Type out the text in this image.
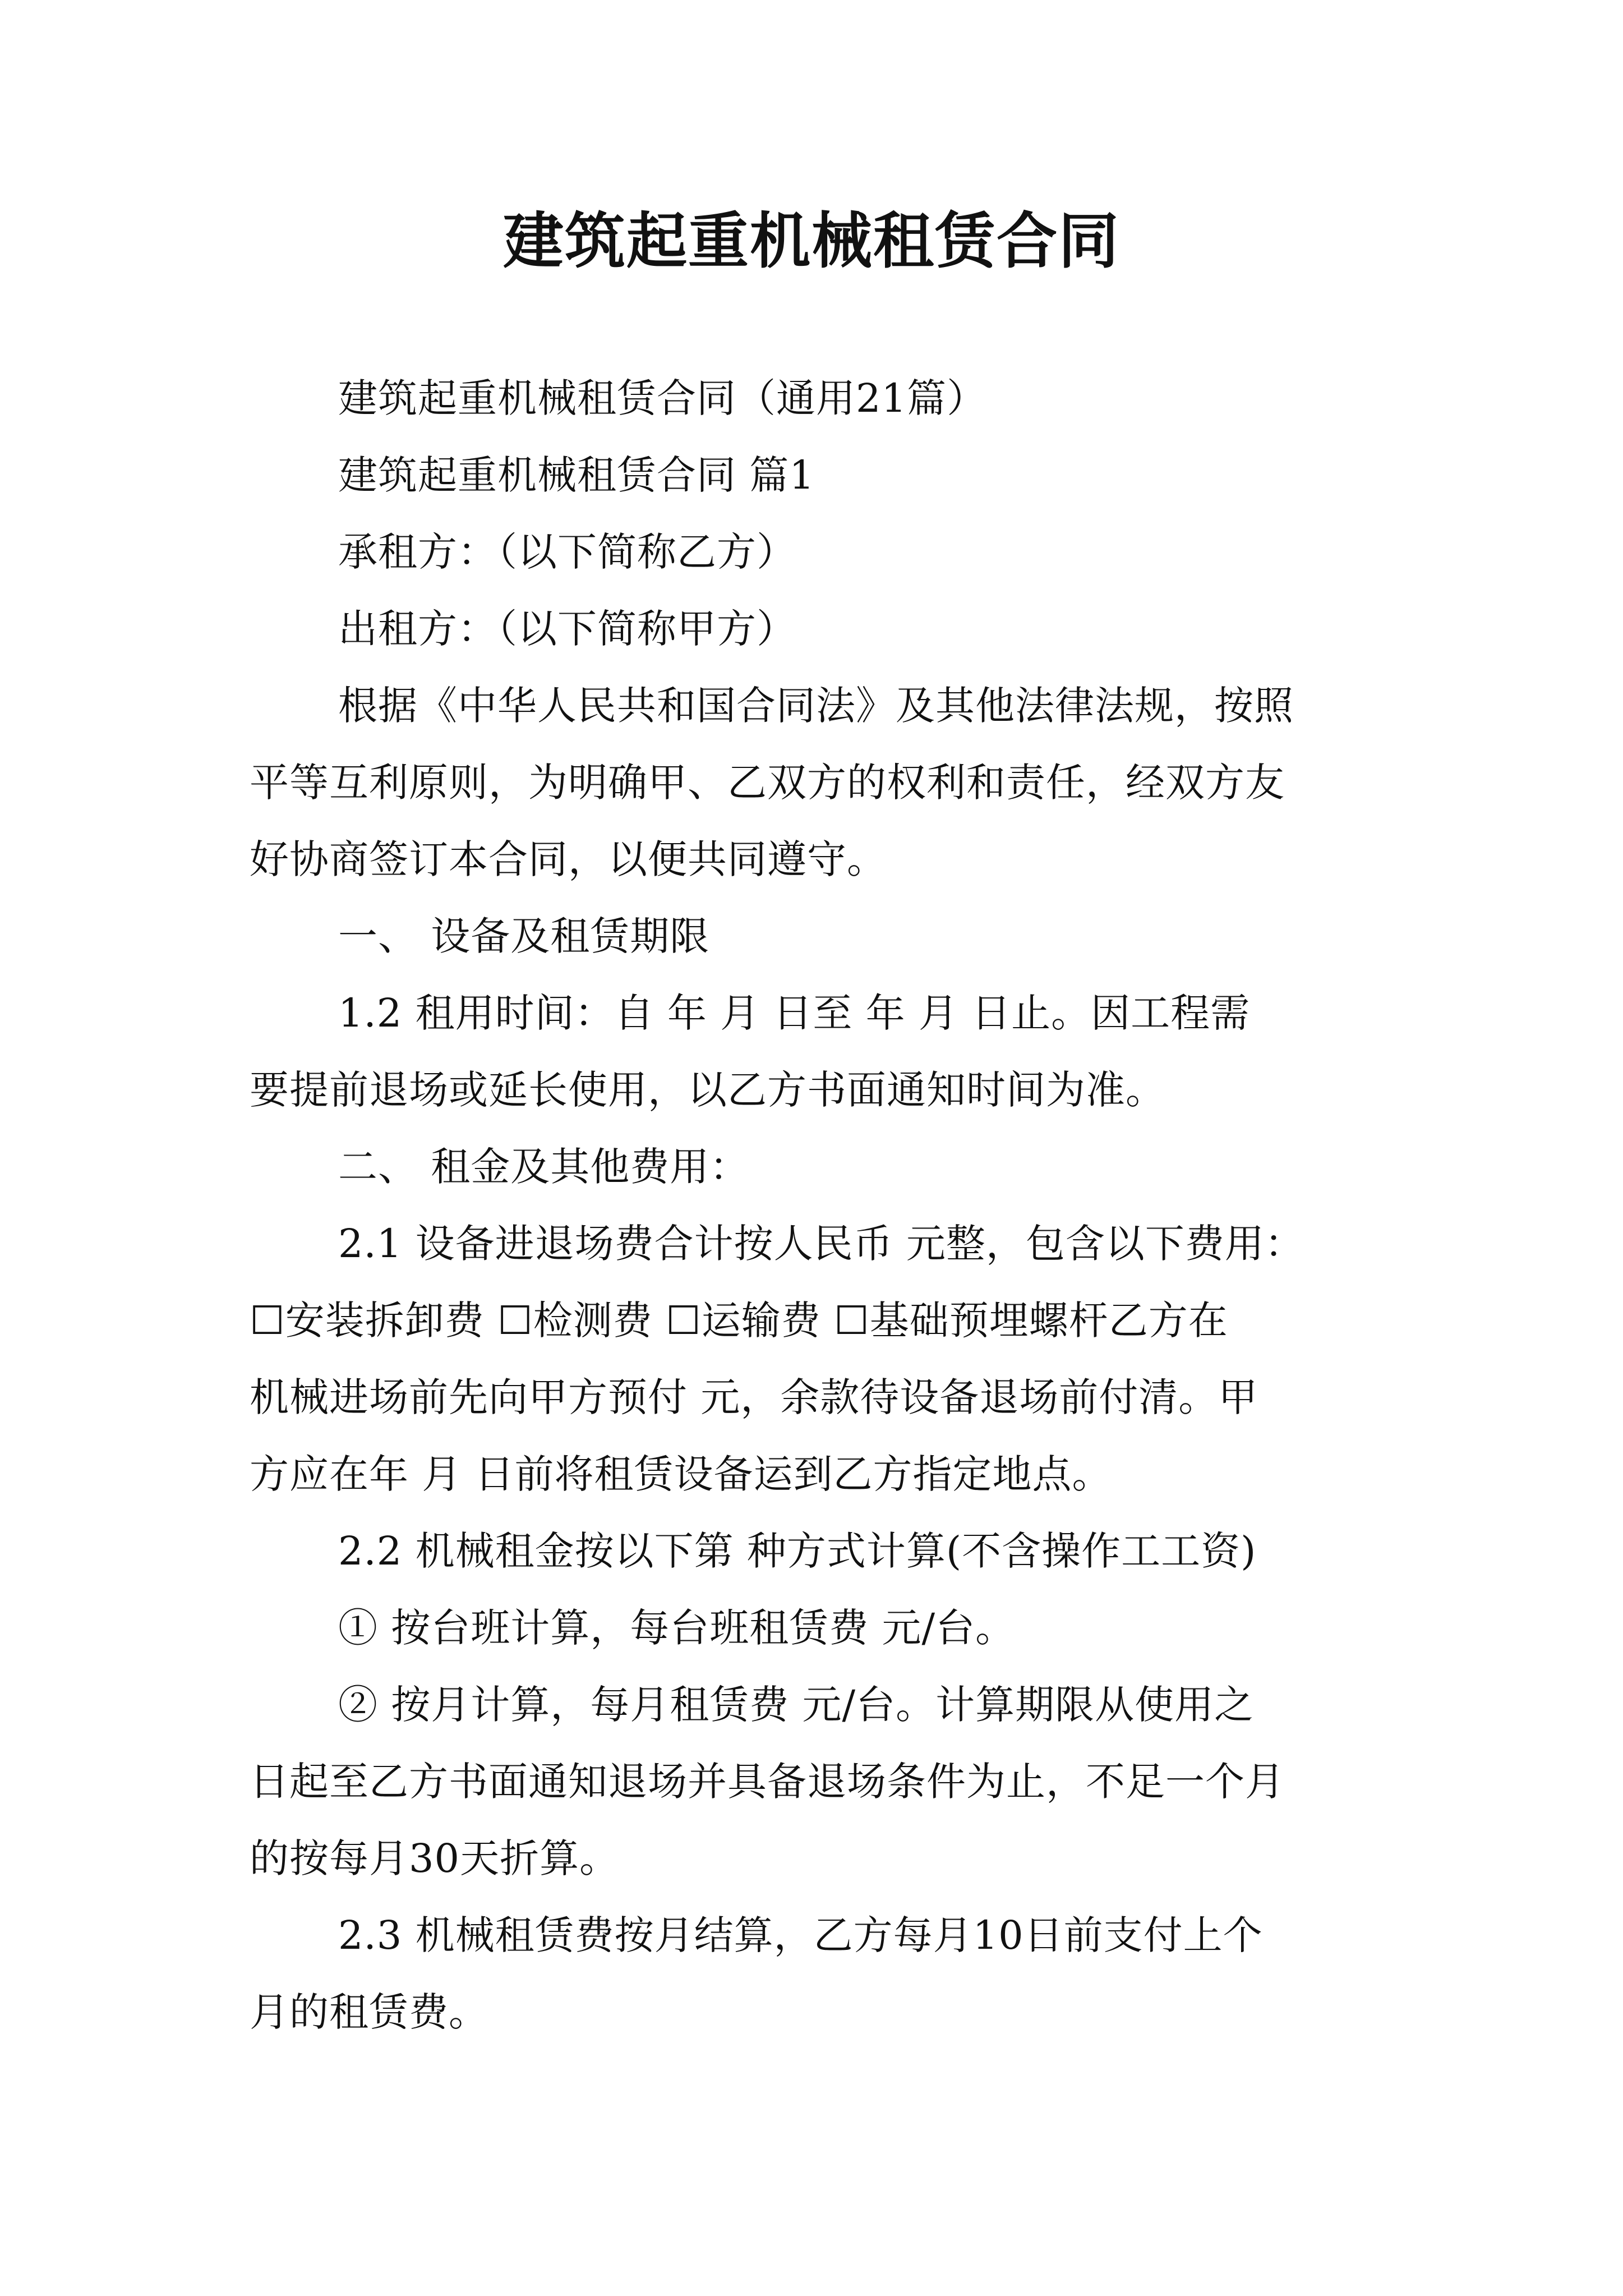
建筑起重机械租赁合同
建筑起重机械租赁合同（通用21篇）
建筑起重机械租赁合同 篇1
承租方：（以下简称乙方）
出租方：（以下简称甲方）
根据《中华人民共和国合同法》及其他法律法规，按照
平等互利原则，为明确甲、乙双方的权利和责任，经双方友
好协商签订本合同，以便共同遵守。
一、 设备及租赁期限
1.2 租用时间：自 年 月 日至 年 月 日止。因工程需
要提前退场或延长使用，以乙方书面通知时间为准。
二、 租金及其他费用：
2.1 设备进退场费合计按人民币 元整，包含以下费用：
☐安装拆卸费 ☐检测费 ☐运输费 ☐基础预埋螺杆乙方在
机械进场前先向甲方预付 元，余款待设备退场前付清。甲
方应在年 月 日前将租赁设备运到乙方指定地点。
2.2 机械租金按以下第 种方式计算(不含操作工工资)
① 按台班计算，每台班租赁费 元/台。
② 按月计算，每月租赁费 元/台。计算期限从使用之
日起至乙方书面通知退场并具备退场条件为止，不足一个月
的按每月30天折算。
2.3 机械租赁费按月结算，乙方每月10日前支付上个
月的租赁费。
